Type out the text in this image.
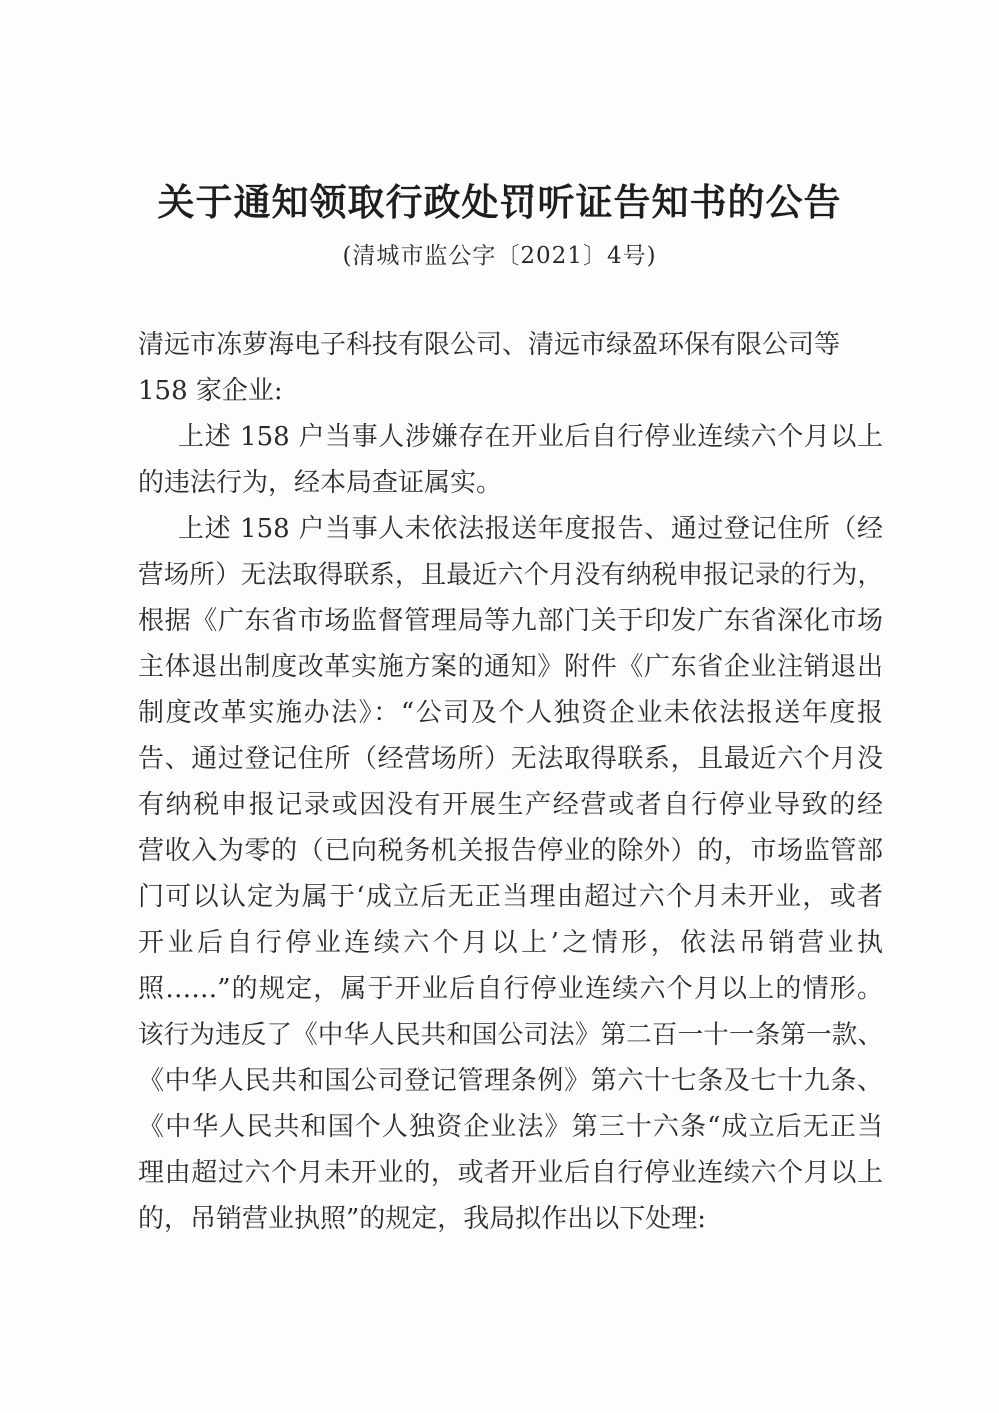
关于通知领取行政处罚听证告知书的公告
(清城市监公字〔2021〕4号)
清远市冻萝海电子科技有限公司、清远市绿盈环保有限公司等
158 家企业:
上述 158 户当事人涉嫌存在开业后自行停业连续六个月以上
的违法行为，经本局查证属实。
上述 158 户当事人未依法报送年度报告、通过登记住所（经
营场所）无法取得联系，且最近六个月没有纳税申报记录的行为，
根据《广东省市场监督管理局等九部门关于印发广东省深化市场
主体退出制度改革实施方案的通知》附件《广东省企业注销退出
制度改革实施办法》：“公司及个人独资企业未依法报送年度报
告、通过登记住所（经营场所）无法取得联系，且最近六个月没
有纳税申报记录或因没有开展生产经营或者自行停业导致的经
营收入为零的（已向税务机关报告停业的除外）的，市场监管部
门可以认定为属于‘成立后无正当理由超过六个月未开业，或者
开业后自行停业连续六个月以上’之情形，依法吊销营业执
照……”的规定，属于开业后自行停业连续六个月以上的情形。
该行为违反了《中华人民共和国公司法》第二百一十一条第一款、
《中华人民共和国公司登记管理条例》第六十七条及七十九条、
《中华人民共和国个人独资企业法》第三十六条“成立后无正当
理由超过六个月未开业的，或者开业后自行停业连续六个月以上
的，吊销营业执照”的规定，我局拟作出以下处理:
